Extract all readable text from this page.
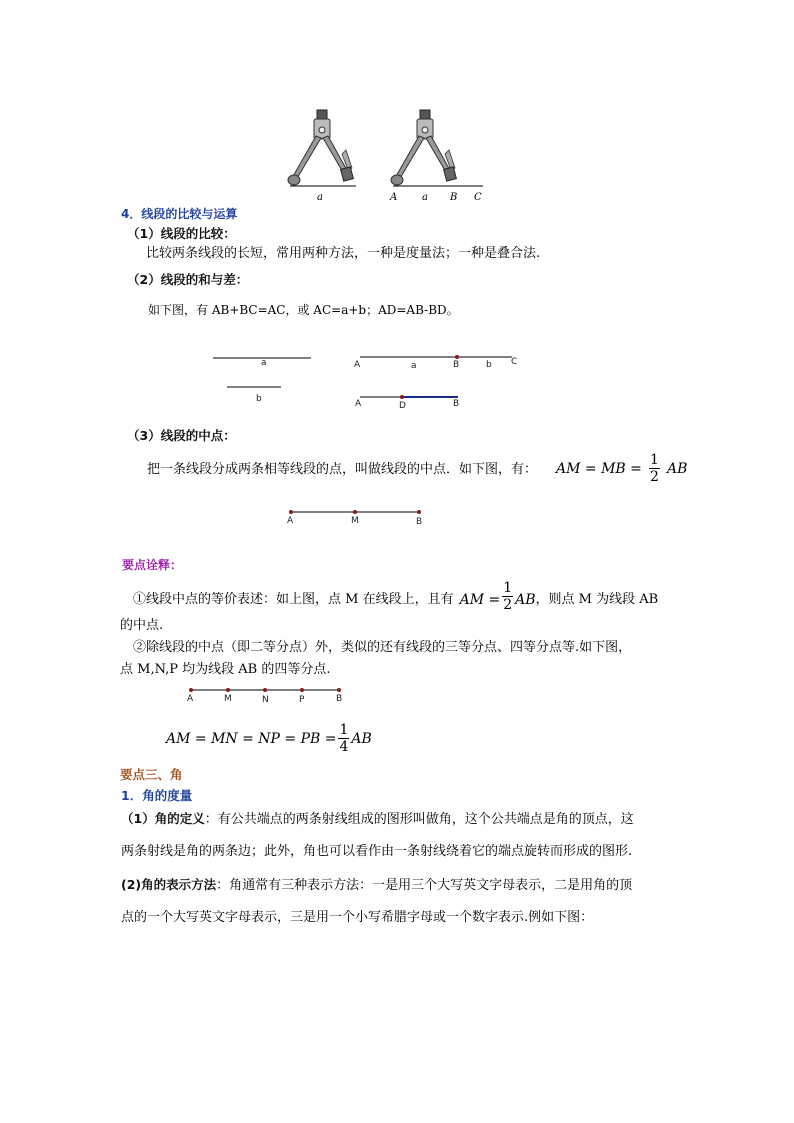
a	A a B C
4．线段的比较与运算
（1）线段的比较：
比较两条线段的长短，常用两种方法，一种是度量法；一种是叠合法.
（2）线段的和与差：
如下图，有 AB+BC=AC，或 AC=a+b；AD=AB-BD。
a
b
A	a	B	b C
A	D	B
（3）线段的中点：
把一条线段分成两条相等线段的点，叫做线段的中点．如下图，有： AM = MB = $\frac{1}{2}$ AB
A	M	B
要点诠释：
①线段中点的等价表述：如上图，点 M 在线段上，且有 AM = $\frac{1}{2}$ AB ，则点 M 为线段 AB
的中点.
②除线段的中点（即二等分点）外，类似的还有线段的三等分点、四等分点等.如下图，
点 M,N,P 均为线段 AB 的四等分点.
A	M	N	P	B
AM = MN = NP = PB = $\frac{1}{4}$ AB
要点三、角
1．角的度量
（1）角的定义：有公共端点的两条射线组成的图形叫做角，这个公共端点是角的顶点，这
两条射线是角的两条边；此外，角也可以看作由一条射线绕着它的端点旋转而形成的图形.
(2)角的表示方法：角通常有三种表示方法：一是用三个大写英文字母表示，二是用角的顶
点的一个大写英文字母表示，三是用一个小写希腊字母或一个数字表示.例如下图：
